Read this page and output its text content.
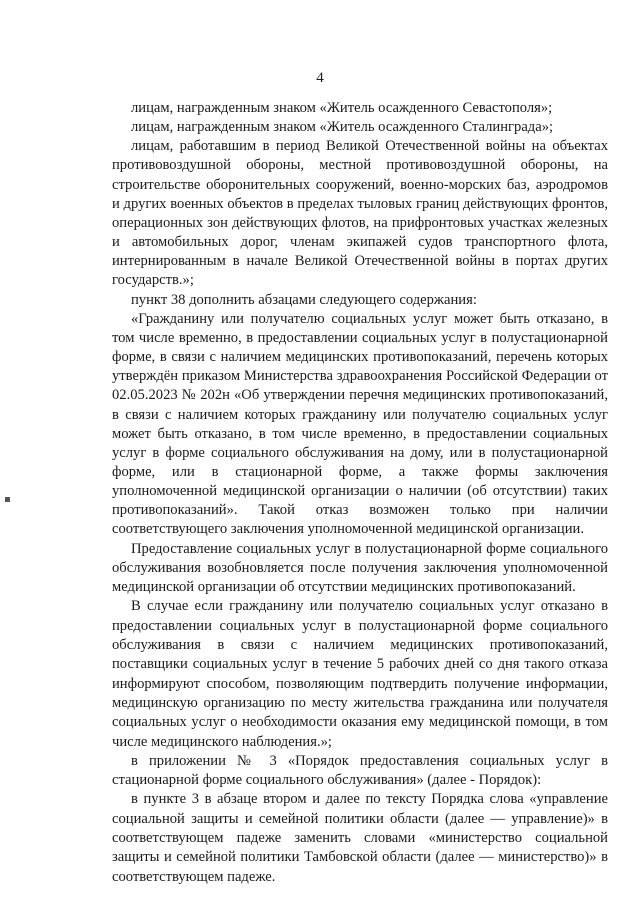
4

лицам, награжденным знаком «Житель осажденного Севастополя»;

лицам, награжденным знаком «Житель осажденного Сталинграда»;

лицам, работавшим в период Великой Отечественной войны на объектах противовоздушной обороны, местной противовоздушной обороны, на строительстве оборонительных сооружений, военно-морских баз, аэродромов и других военных объектов в пределах тыловых границ действующих фронтов, операционных зон действующих флотов, на прифронтовых участках железных и автомобильных дорог, членам экипажей судов транспортного флота, интернированным в начале Великой Отечественной войны в портах других государств.»;

пункт 38 дополнить абзацами следующего содержания:

«Гражданину или получателю социальных услуг может быть отказано, в том числе временно, в предоставлении социальных услуг в полустационарной форме, в связи с наличием медицинских противопоказаний, перечень которых утверждён приказом Министерства здравоохранения Российской Федерации от 02.05.2023 № 202н «Об утверждении перечня медицинских противопоказаний, в связи с наличием которых гражданину или получателю социальных услуг может быть отказано, в том числе временно, в предоставлении социальных услуг в форме социального обслуживания на дому, или в полустационарной форме, или в стационарной форме, а также формы заключения уполномоченной медицинской организации о наличии (об отсутствии) таких противопоказаний». Такой отказ возможен только при наличии соответствующего заключения уполномоченной медицинской организации.

Предоставление социальных услуг в полустационарной форме социального обслуживания возобновляется после получения заключения уполномоченной медицинской организации об отсутствии медицинских противопоказаний.

В случае если гражданину или получателю социальных услуг отказано в предоставлении социальных услуг в полустационарной форме социального обслуживания в связи с наличием медицинских противопоказаний, поставщики социальных услуг в течение 5 рабочих дней со дня такого отказа информируют способом, позволяющим подтвердить получение информации, медицинскую организацию по месту жительства гражданина или получателя социальных услуг о необходимости оказания ему медицинской помощи, в том числе медицинского наблюдения.»;

в приложении № 3 «Порядок предоставления социальных услуг в стационарной форме социального обслуживания» (далее - Порядок):

в пункте 3 в абзаце втором и далее по тексту Порядка слова «управление социальной защиты и семейной политики области (далее — управление)» в соответствующем падеже заменить словами «министерство социальной защиты и семейной политики Тамбовской области (далее — министерство)» в соответствующем падеже.
